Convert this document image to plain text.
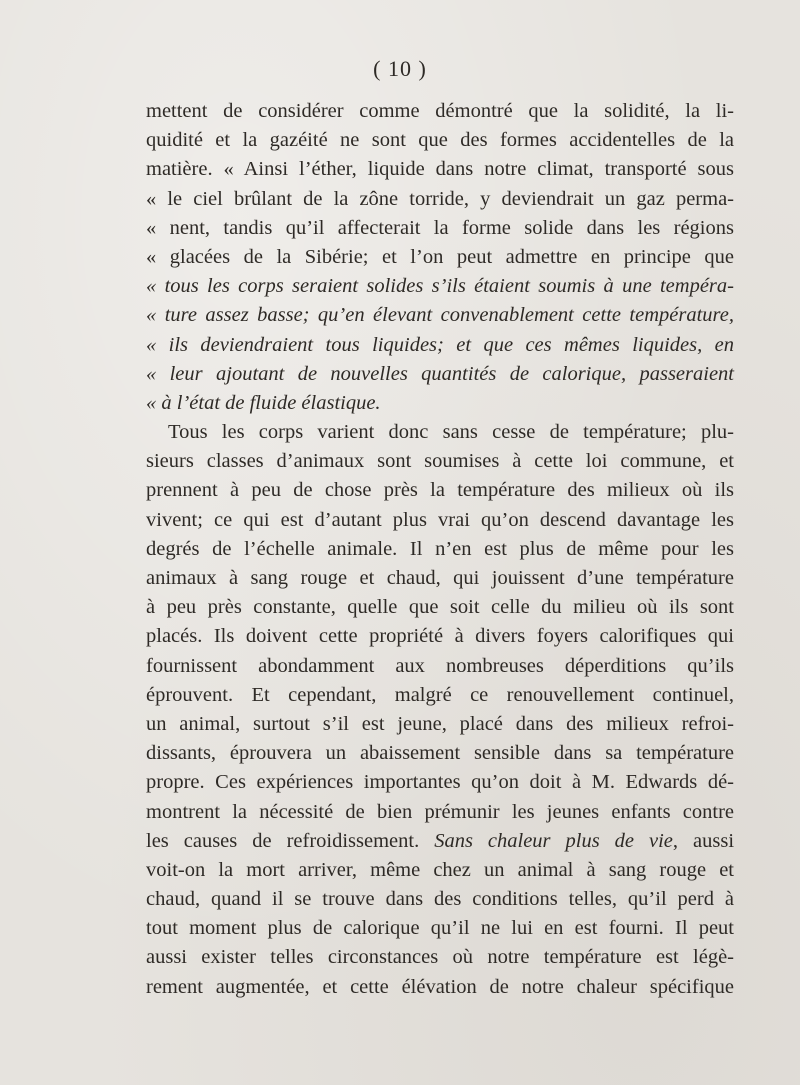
( 10 )
mettent de considérer comme démontré que la solidité, la li-
quidité et la gazéité ne sont que des formes accidentelles de la
matière. « Ainsi l’éther, liquide dans notre climat, transporté sous
« le ciel brûlant de la zône torride, y deviendrait un gaz perma-
« nent, tandis qu’il affecterait la forme solide dans les régions
« glacées de la Sibérie; et l’on peut admettre en principe que
« tous les corps seraient solides s’ils étaient soumis à une tempéra-
« ture assez basse; qu’en élevant convenablement cette température,
« ils deviendraient tous liquides; et que ces mêmes liquides, en
« leur ajoutant de nouvelles quantités de calorique, passeraient
« à l’état de fluide élastique.
Tous les corps varient donc sans cesse de température; plu-
sieurs classes d’animaux sont soumises à cette loi commune, et
prennent à peu de chose près la température des milieux où ils
vivent; ce qui est d’autant plus vrai qu’on descend davantage les
degrés de l’échelle animale. Il n’en est plus de même pour les
animaux à sang rouge et chaud, qui jouissent d’une température
à peu près constante, quelle que soit celle du milieu où ils sont
placés. Ils doivent cette propriété à divers foyers calorifiques qui
fournissent abondamment aux nombreuses déperditions qu’ils
éprouvent. Et cependant, malgré ce renouvellement continuel,
un animal, surtout s’il est jeune, placé dans des milieux refroi-
dissants, éprouvera un abaissement sensible dans sa température
propre. Ces expériences importantes qu’on doit à M. Edwards dé-
montrent la nécessité de bien prémunir les jeunes enfants contre
les causes de refroidissement. Sans chaleur plus de vie, aussi
voit-on la mort arriver, même chez un animal à sang rouge et
chaud, quand il se trouve dans des conditions telles, qu’il perd à
tout moment plus de calorique qu’il ne lui en est fourni. Il peut
aussi exister telles circonstances où notre température est légè-
rement augmentée, et cette élévation de notre chaleur spécifique
